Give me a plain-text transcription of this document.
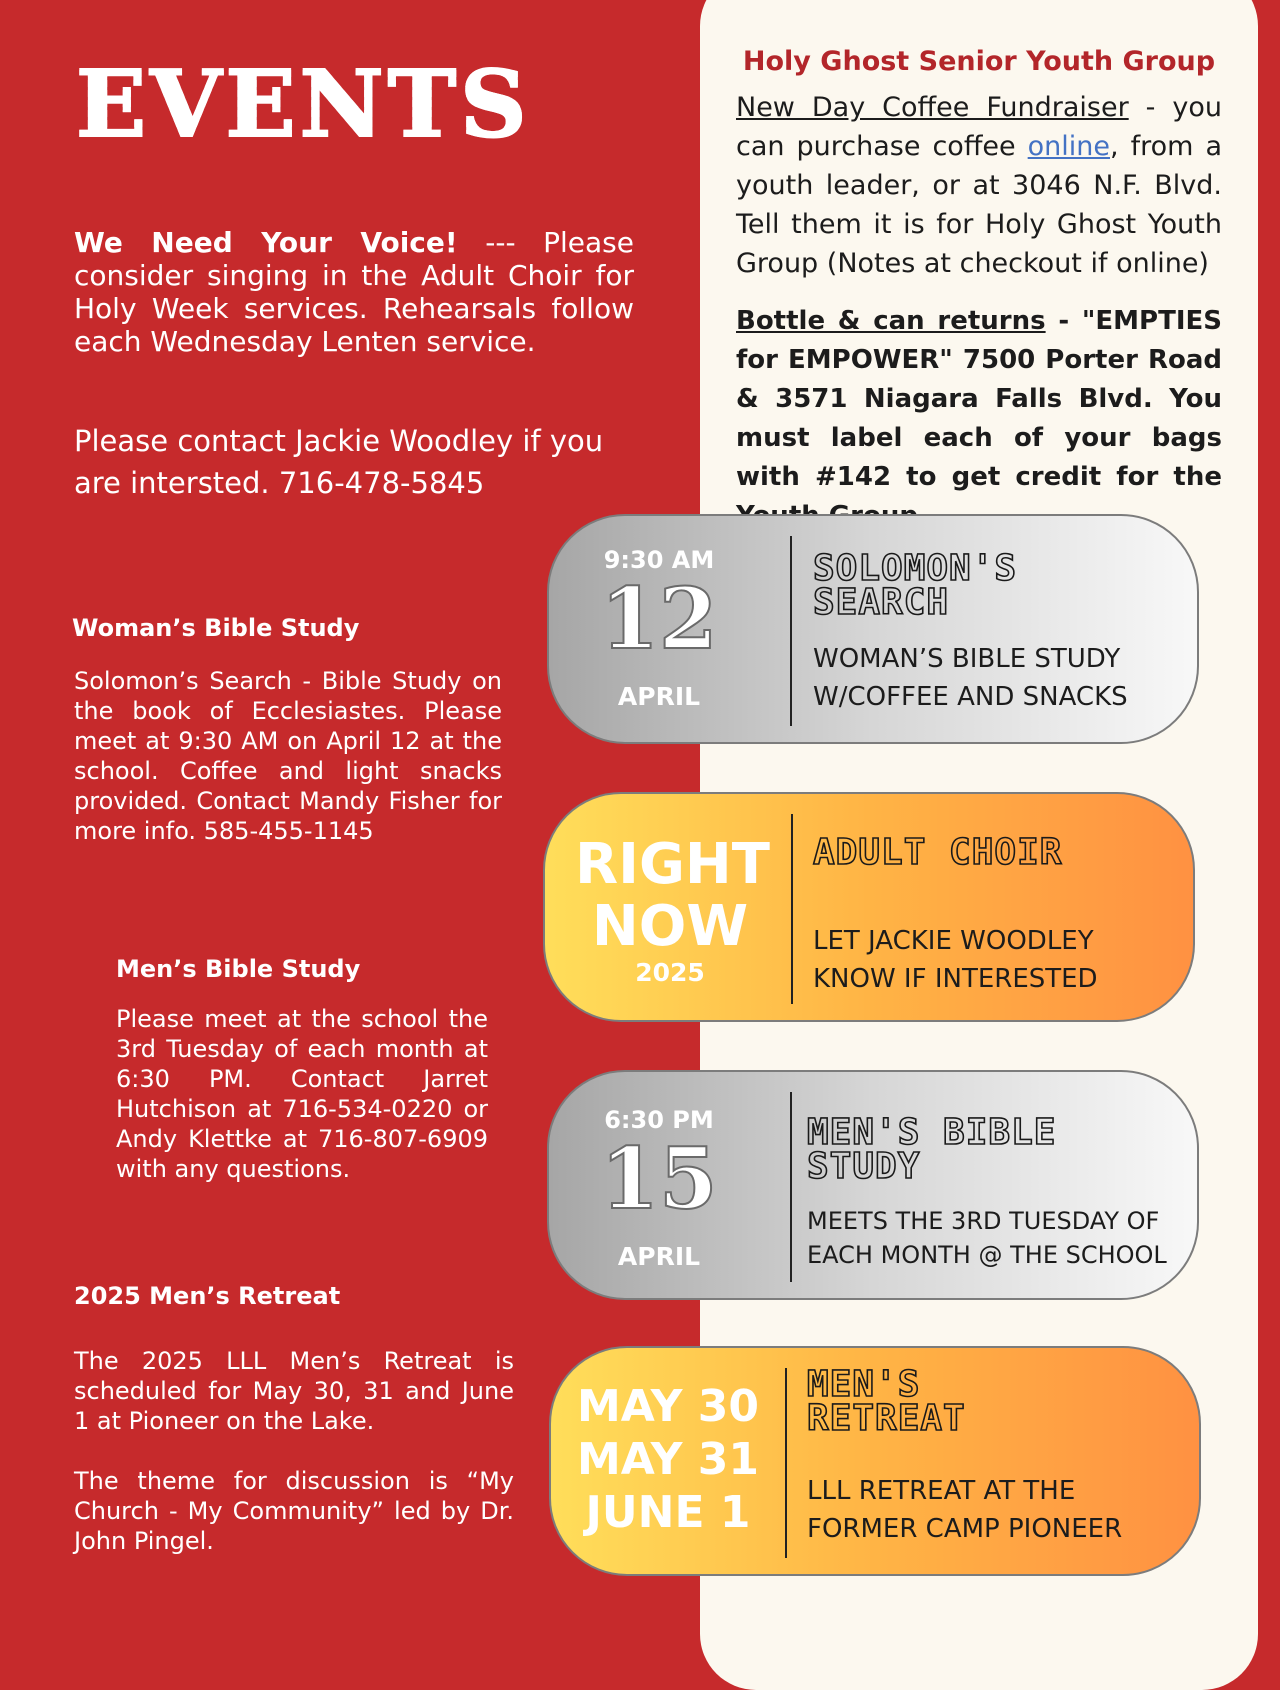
EVENTS
We Need Your Voice! --- Please consider singing in the Adult Choir for Holy Week services. Rehearsals follow each Wednesday Lenten service.
Please contact Jackie Woodley if you are intersted. 716-478-5845
Woman’s Bible Study
Solomon’s Search - Bible Study on the book of Ecclesiastes. Please meet at 9:30 AM on April 12 at the school. Coffee and light snacks provided. Contact Mandy Fisher for more info. 585-455-1145
Men’s Bible Study
Please meet at the school the 3rd Tuesday of each month at 6:30 PM. Contact Jarret Hutchison at 716-534-0220 or Andy Klettke at 716-807-6909 with any questions.
2025 Men’s Retreat
The 2025 LLL Men’s Retreat is scheduled for May 30, 31 and June 1 at Pioneer on the Lake.
The theme for discussion is “My Church - My Community” led by Dr. John Pingel.
Holy Ghost Senior Youth Group
New Day Coffee Fundraiser - you can purchase coffee online, from a youth leader, or at 3046 N.F. Blvd. Tell them it is for Holy Ghost Youth Group (Notes at checkout if online)
Bottle & can returns - "EMPTIES for EMPOWER" 7500 Porter Road & 3571 Niagara Falls Blvd. You must label each of your bags with #142 to get credit for the
9:30 AM
12
APRIL
SOLOMON'S
SEARCH
WOMAN’S BIBLE STUDY
W/COFFEE AND SNACKS
RIGHT
NOW
2025
ADULT CHOIR
LET JACKIE WOODLEY
KNOW IF INTERESTED
6:30 PM
15
APRIL
MEN'S BIBLE
STUDY
MEETS THE 3RD TUESDAY OF
EACH MONTH @ THE SCHOOL
MAY 30
MAY 31
JUNE 1
MEN'S
RETREAT
LLL RETREAT AT THE
FORMER CAMP PIONEER
